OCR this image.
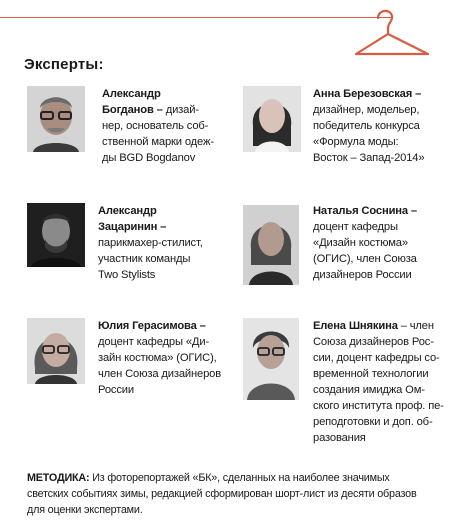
Эксперты:
Александр
Богданов – дизай-
нер, основатель соб-
ственной марки одеж-
ды BGD Bogdanov
Анна Березовская –
дизайнер, модельер,
победитель конкурса
«Формула моды:
Восток – Запад-2014»
Александр
Зацаринин –
парикмахер-стилист,
участник команды
Two Stylists
Наталья Соснина –
доцент кафедры
«Дизайн костюма»
(ОГИС), член Союза
дизайнеров России
Юлия Герасимова –
доцент кафедры «Ди-
зайн костюма» (ОГИС),
член Союза дизайнеров
России
Елена Шнякина – член
Союза дизайнеров Рос-
сии, доцент кафедры со-
временной технологии
создания имиджа Ом-
ского института проф. пе-
реподготовки и доп. об-
разования
МЕТОДИКА: Из фоторепортажей «БК», сделанных на наиболее значимых
светских событиях зимы, редакцией сформирован шорт-лист из десяти образов
для оценки экспертами.
